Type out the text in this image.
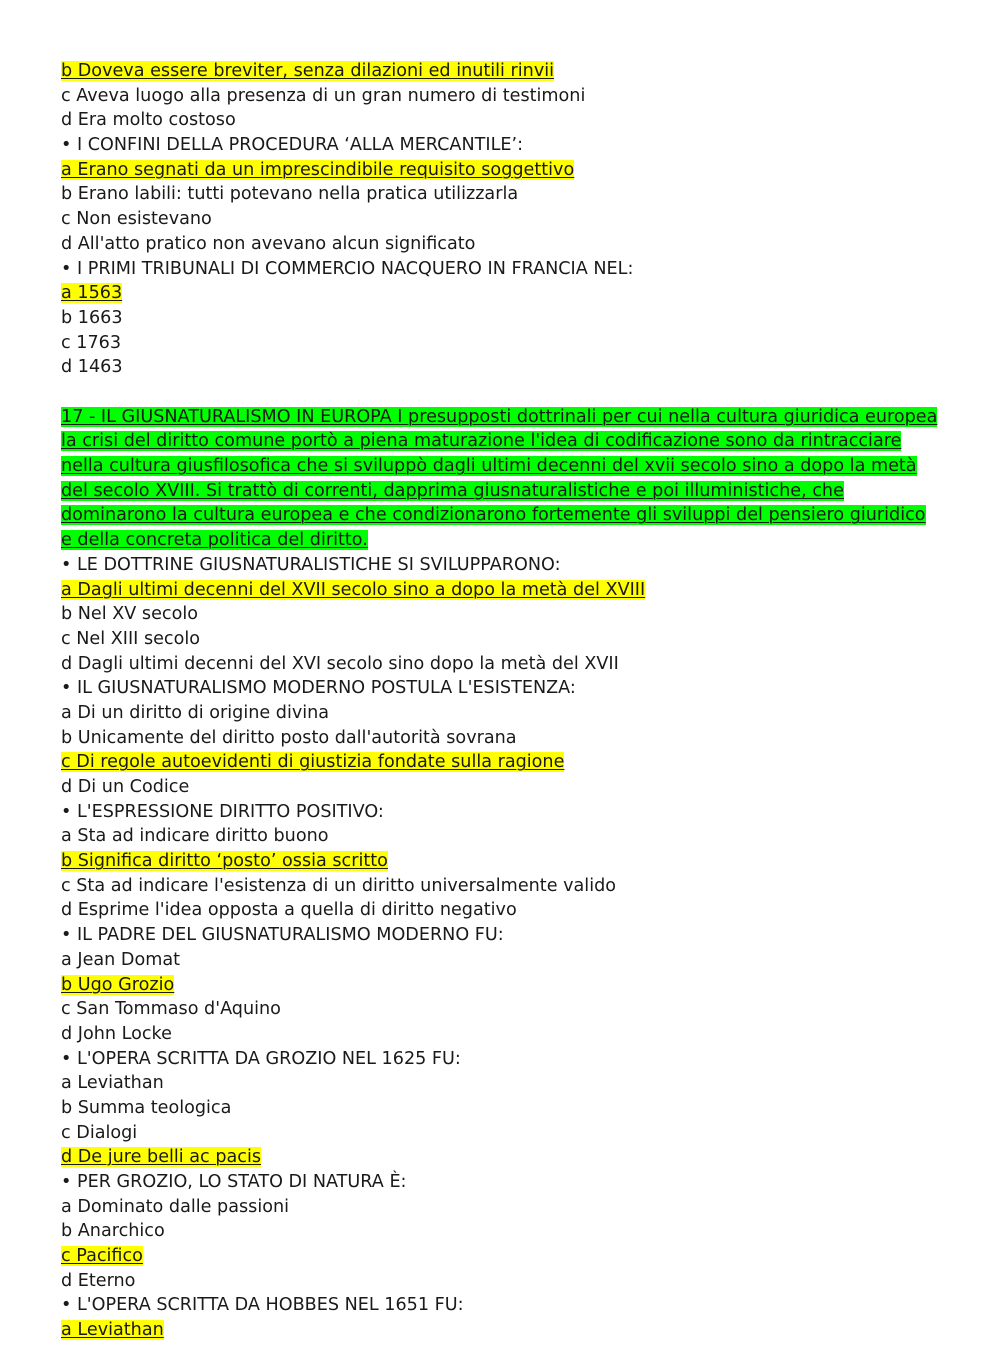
b Doveva essere breviter, senza dilazioni ed inutili rinvii
c Aveva luogo alla presenza di un gran numero di testimoni
d Era molto costoso
• I CONFINI DELLA PROCEDURA ‘ALLA MERCANTILE’:
a Erano segnati da un imprescindibile requisito soggettivo
b Erano labili: tutti potevano nella pratica utilizzarla
c Non esistevano
d All'atto pratico non avevano alcun significato
• I PRIMI TRIBUNALI DI COMMERCIO NACQUERO IN FRANCIA NEL:
a 1563
b 1663
c 1763
d 1463
17 - IL GIUSNATURALISMO IN EUROPA I presupposti dottrinali per cui nella cultura giuridica europea la crisi del diritto comune portò a piena maturazione l'idea di codificazione sono da rintracciare nella cultura giusfilosofica che si sviluppò dagli ultimi decenni del xvii secolo sino a dopo la metà del secolo XVIII. Si trattò di correnti, dapprima giusnaturalistiche e poi illuministiche, che dominarono la cultura europea e che condizionarono fortemente gli sviluppi del pensiero giuridico e della concreta politica del diritto.
• LE DOTTRINE GIUSNATURALISTICHE SI SVILUPPARONO:
a Dagli ultimi decenni del XVII secolo sino a dopo la metà del XVIII
b Nel XV secolo
c Nel XIII secolo
d Dagli ultimi decenni del XVI secolo sino dopo la metà del XVII
• IL GIUSNATURALISMO MODERNO POSTULA L'ESISTENZA:
a Di un diritto di origine divina
b Unicamente del diritto posto dall'autorità sovrana
c Di regole autoevidenti di giustizia fondate sulla ragione
d Di un Codice
• L'ESPRESSIONE DIRITTO POSITIVO:
a Sta ad indicare diritto buono
b Significa diritto ‘posto’ ossia scritto
c Sta ad indicare l'esistenza di un diritto universalmente valido
d Esprime l'idea opposta a quella di diritto negativo
• IL PADRE DEL GIUSNATURALISMO MODERNO FU:
a Jean Domat
b Ugo Grozio
c San Tommaso d'Aquino
d John Locke
• L'OPERA SCRITTA DA GROZIO NEL 1625 FU:
a Leviathan
b Summa teologica
c Dialogi
d De jure belli ac pacis
• PER GROZIO, LO STATO DI NATURA È:
a Dominato dalle passioni
b Anarchico
c Pacifico
d Eterno
• L'OPERA SCRITTA DA HOBBES NEL 1651 FU:
a Leviathan
